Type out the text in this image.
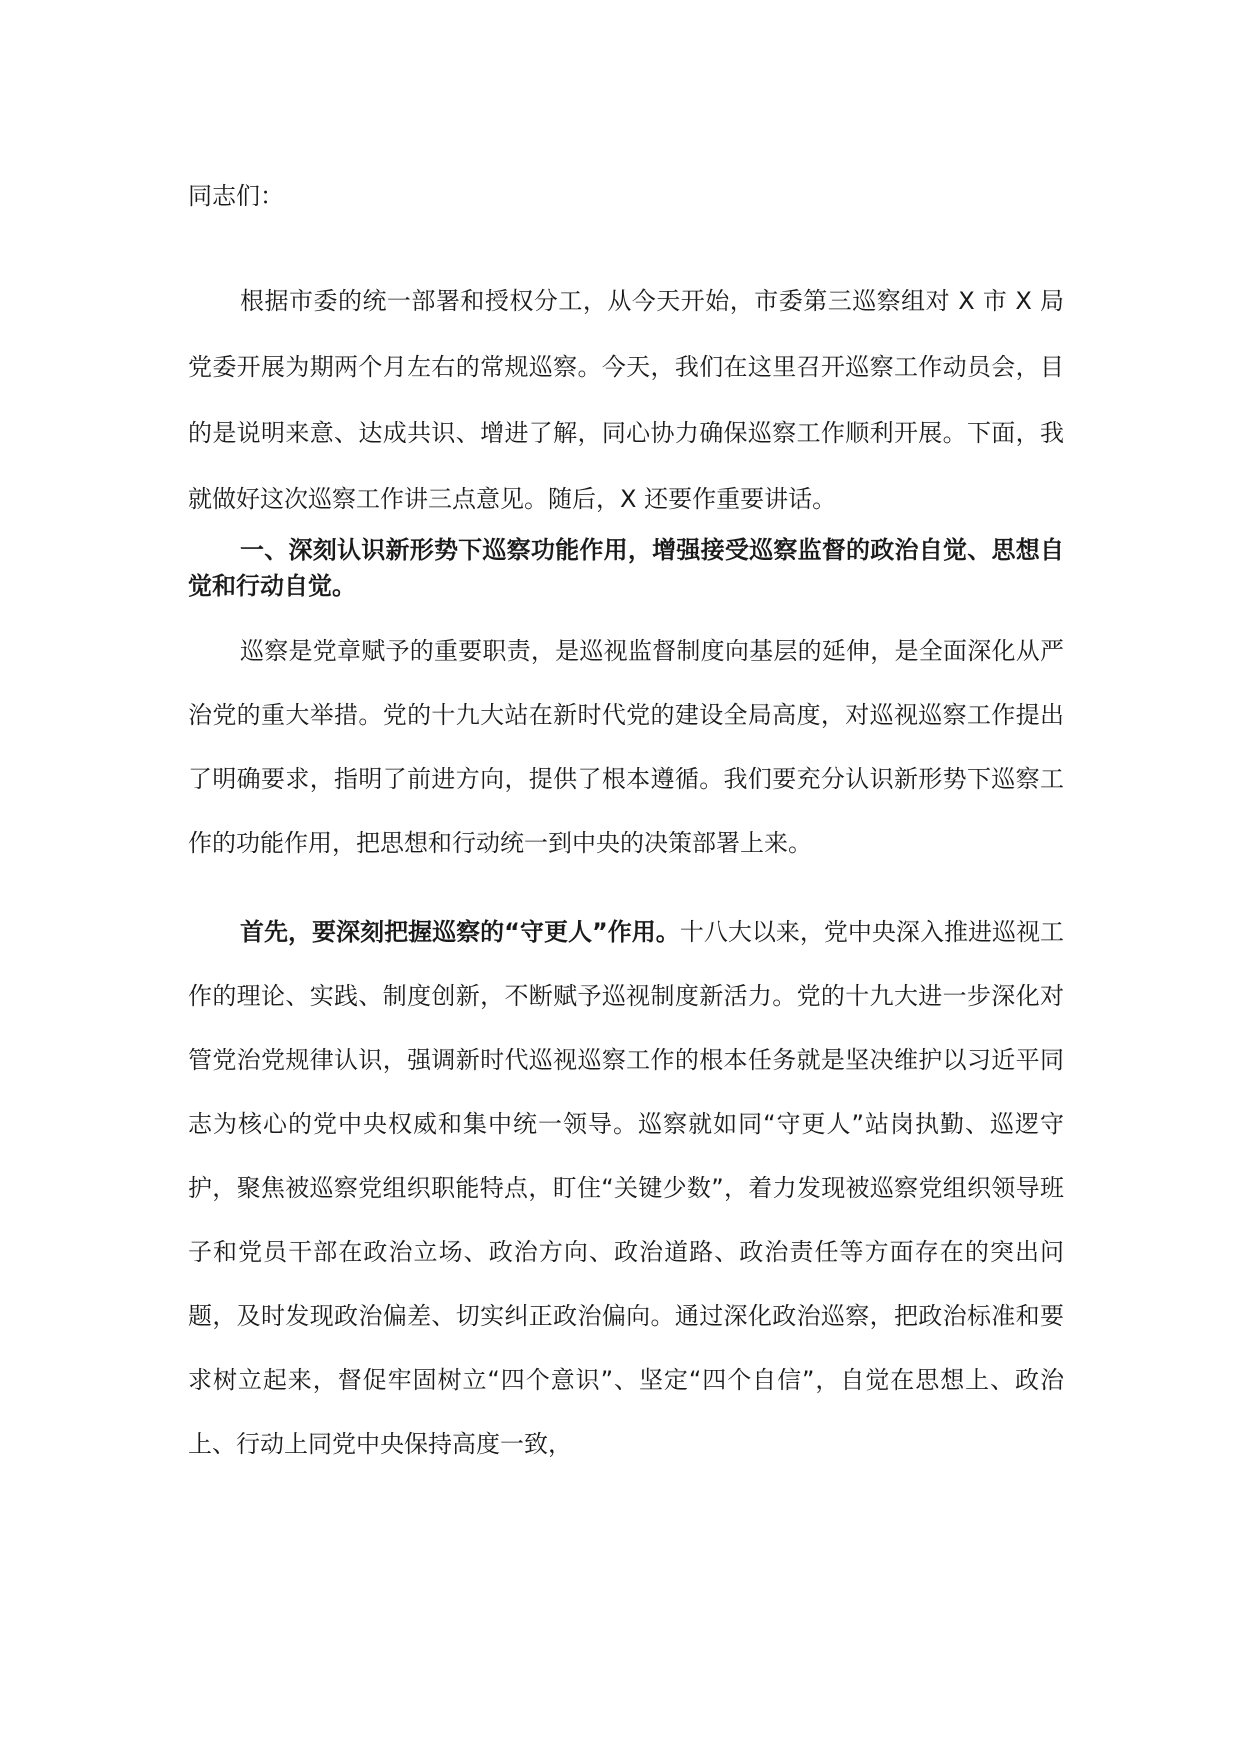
同志们：

根据市委的统一部署和授权分工，从今天开始，市委第三巡察组对 X 市 X 局党委开展为期两个月左右的常规巡察。今天，我们在这里召开巡察工作动员会，目的是说明来意、达成共识、增进了解，同心协力确保巡察工作顺利开展。下面，我就做好这次巡察工作讲三点意见。随后，X 还要作重要讲话。

一、深刻认识新形势下巡察功能作用，增强接受巡察监督的政治自觉、思想自觉和行动自觉。

巡察是党章赋予的重要职责，是巡视监督制度向基层的延伸，是全面深化从严治党的重大举措。党的十九大站在新时代党的建设全局高度，对巡视巡察工作提出了明确要求，指明了前进方向，提供了根本遵循。我们要充分认识新形势下巡察工作的功能作用，把思想和行动统一到中央的决策部署上来。

首先，要深刻把握巡察的“守更人”作用。十八大以来，党中央深入推进巡视工作的理论、实践、制度创新，不断赋予巡视制度新活力。党的十九大进一步深化对管党治党规律认识，强调新时代巡视巡察工作的根本任务就是坚决维护以习近平同志为核心的党中央权威和集中统一领导。巡察就如同“守更人”站岗执勤、巡逻守护，聚焦被巡察党组织职能特点，盯住“关键少数”，着力发现被巡察党组织领导班子和党员干部在政治立场、政治方向、政治道路、政治责任等方面存在的突出问题，及时发现政治偏差、切实纠正政治偏向。通过深化政治巡察，把政治标准和要求树立起来，督促牢固树立“四个意识”、坚定“四个自信”，自觉在思想上、政治上、行动上同党中央保持高度一致，
